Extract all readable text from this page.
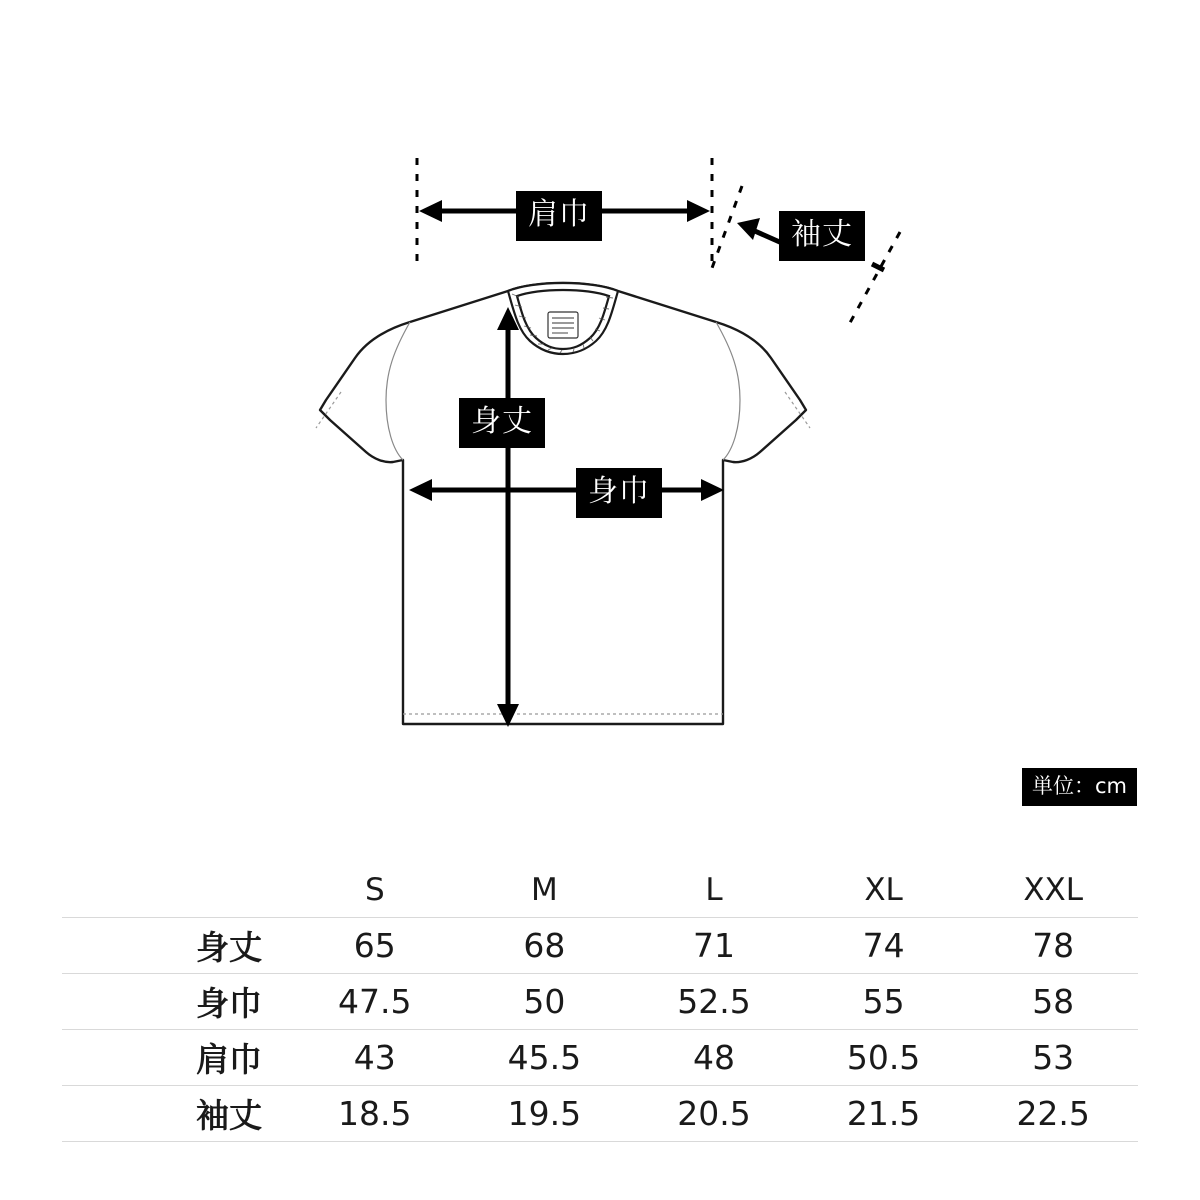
肩巾
袖丈
身丈
身巾
単位：cm
	S	M	L	XL	XXL
身丈	65	68	71	74	78
身巾	47.5	50	52.5	55	58
肩巾	43	45.5	48	50.5	53
袖丈	18.5	19.5	20.5	21.5	22.5
